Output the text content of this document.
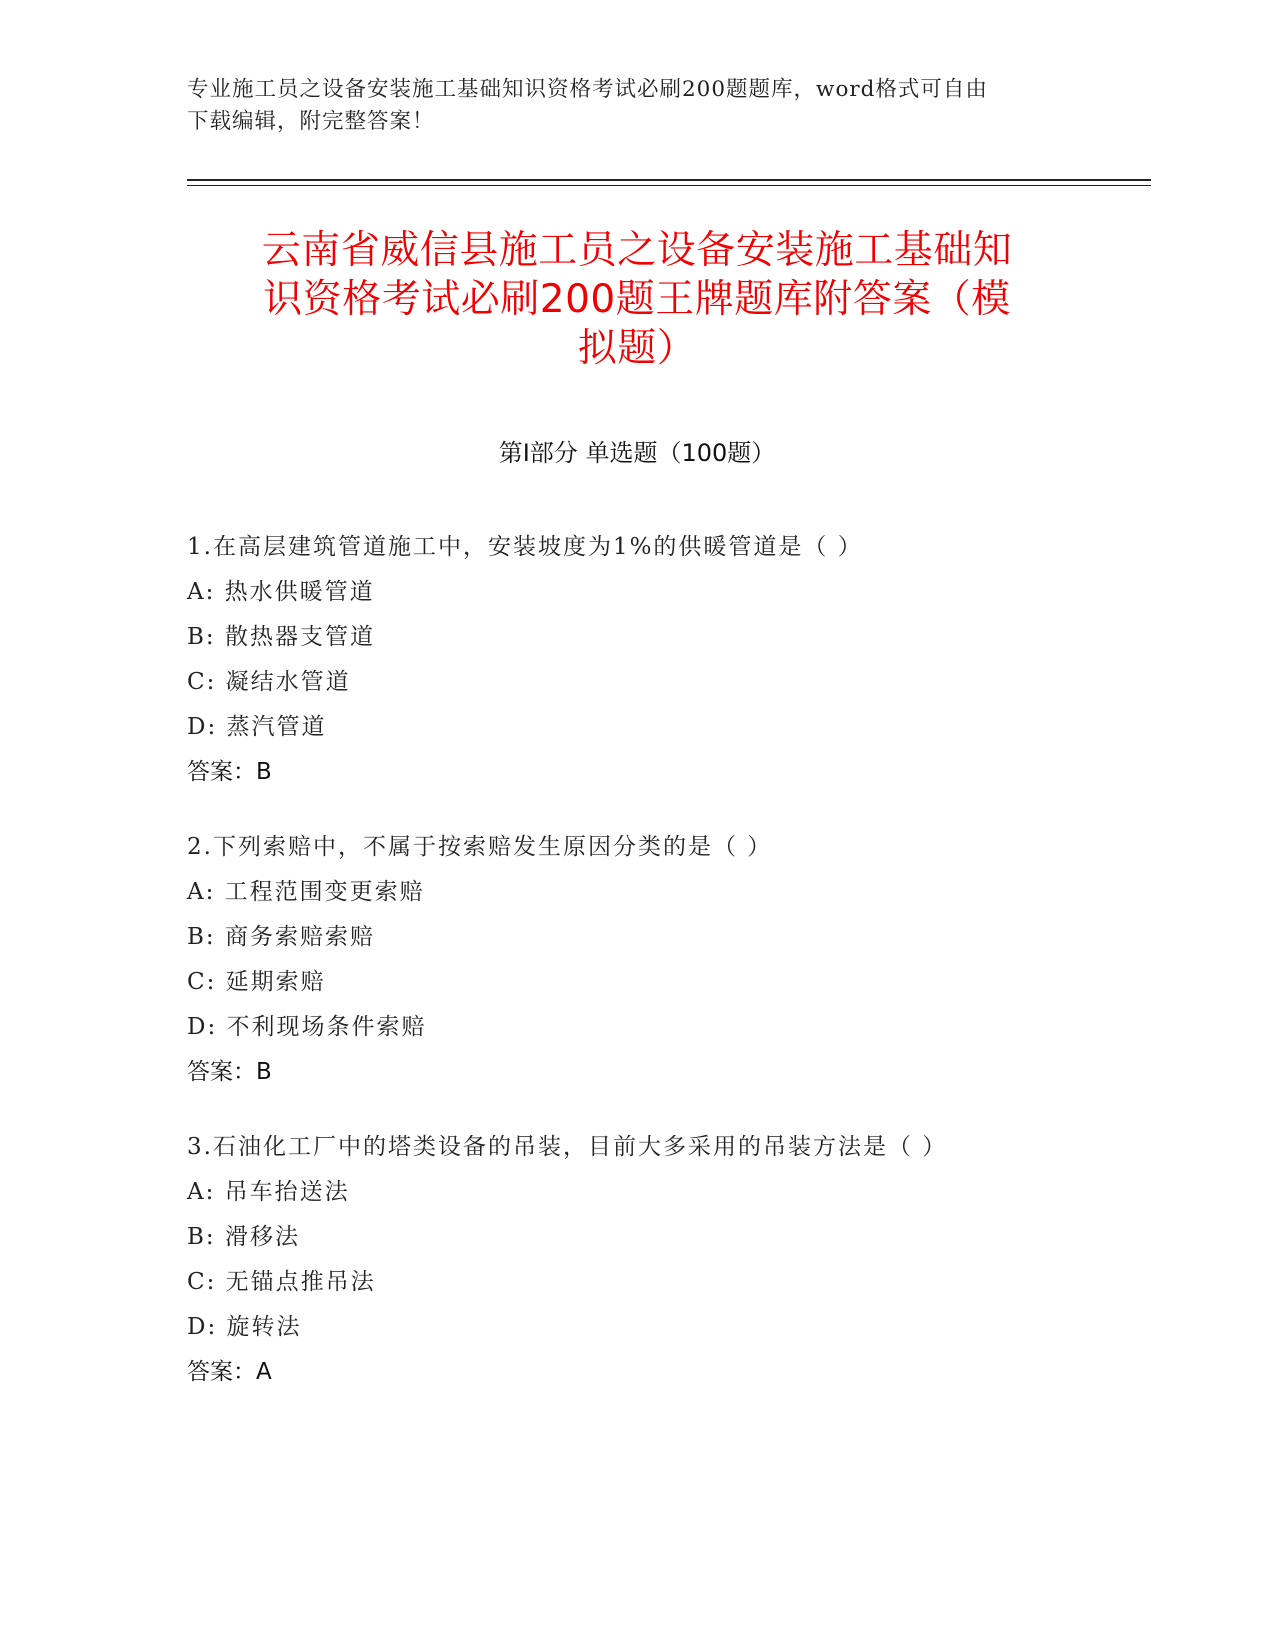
专业施工员之设备安装施工基础知识资格考试必刷200题题库，word格式可自由
下载编辑，附完整答案！
云南省威信县施工员之设备安装施工基础知
识资格考试必刷200题王牌题库附答案（模
拟题）
第I部分 单选题（100题）
1.在高层建筑管道施工中，安装坡度为1%的供暖管道是（ ）
A: 热水供暖管道
B: 散热器支管道
C: 凝结水管道
D: 蒸汽管道
答案：B
2.下列索赔中，不属于按索赔发生原因分类的是（ ）
A: 工程范围变更索赔
B: 商务索赔索赔
C: 延期索赔
D: 不利现场条件索赔
答案：B
3.石油化工厂中的塔类设备的吊装，目前大多采用的吊装方法是（ ）
A: 吊车抬送法
B: 滑移法
C: 无锚点推吊法
D: 旋转法
答案：A
